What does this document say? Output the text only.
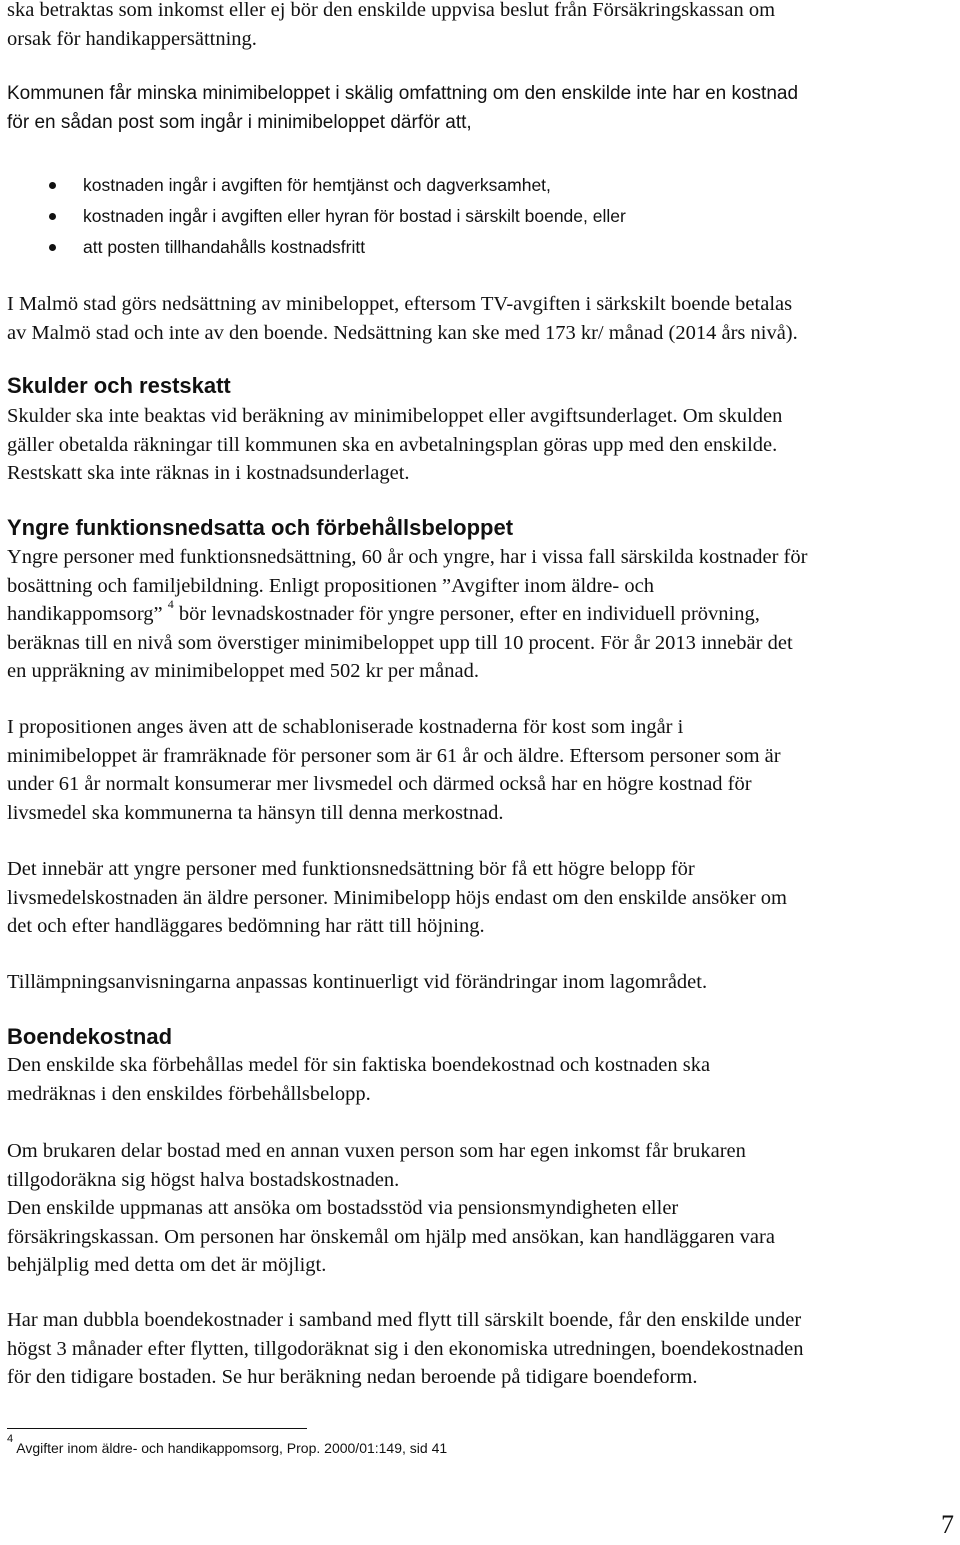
ska betraktas som inkomst eller ej bör den enskilde uppvisa beslut från Försäkringskassan om
orsak för handikappersättning.
Kommunen får minska minimibeloppet i skälig omfattning om den enskilde inte har en kostnad
för en sådan post som ingår i minimibeloppet därför att,
kostnaden ingår i avgiften för hemtjänst och dagverksamhet,
kostnaden ingår i avgiften eller hyran för bostad i särskilt boende, eller
att posten tillhandahålls kostnadsfritt
I Malmö stad görs nedsättning av minibeloppet, eftersom TV-avgiften i särkskilt boende betalas
av Malmö stad och inte av den boende. Nedsättning kan ske med 173 kr/ månad (2014 års nivå).
Skulder och restskatt
Skulder ska inte beaktas vid beräkning av minimibeloppet eller avgiftsunderlaget. Om skulden
gäller obetalda räkningar till kommunen ska en avbetalningsplan göras upp med den enskilde.
Restskatt ska inte räknas in i kostnadsunderlaget.
Yngre funktionsnedsatta och förbehållsbeloppet
Yngre personer med funktionsnedsättning, 60 år och yngre, har i vissa fall särskilda kostnader för
bosättning och familjebildning. Enligt propositionen ”Avgifter inom äldre- och
handikappomsorg” $^4$ bör levnadskostnader för yngre personer, efter en individuell prövning,
beräknas till en nivå som överstiger minimibeloppet upp till 10 procent. För år 2013 innebär det
en uppräkning av minimibeloppet med 502 kr per månad.
I propositionen anges även att de schabloniserade kostnaderna för kost som ingår i
minimibeloppet är framräknade för personer som är 61 år och äldre. Eftersom personer som är
under 61 år normalt konsumerar mer livsmedel och därmed också har en högre kostnad för
livsmedel ska kommunerna ta hänsyn till denna merkostnad.
Det innebär att yngre personer med funktionsnedsättning bör få ett högre belopp för
livsmedelskostnaden än äldre personer. Minimibelopp höjs endast om den enskilde ansöker om
det och efter handläggares bedömning har rätt till höjning.
Tillämpningsanvisningarna anpassas kontinuerligt vid förändringar inom lagområdet.
Boendekostnad
Den enskilde ska förbehållas medel för sin faktiska boendekostnad och kostnaden ska
medräknas i den enskildes förbehållsbelopp.
Om brukaren delar bostad med en annan vuxen person som har egen inkomst får brukaren
tillgodoräkna sig högst halva bostadskostnaden.
Den enskilde uppmanas att ansöka om bostadsstöd via pensionsmyndigheten eller
försäkringskassan. Om personen har önskemål om hjälp med ansökan, kan handläggaren vara
behjälplig med detta om det är möjligt.
Har man dubbla boendekostnader i samband med flytt till särskilt boende, får den enskilde under
högst 3 månader efter flytten, tillgodoräknat sig i den ekonomiska utredningen, boendekostnaden
för den tidigare bostaden. Se hur beräkning nedan beroende på tidigare boendeform.
$^4$ Avgifter inom äldre- och handikappomsorg, Prop. 2000/01:149, sid 41
7
